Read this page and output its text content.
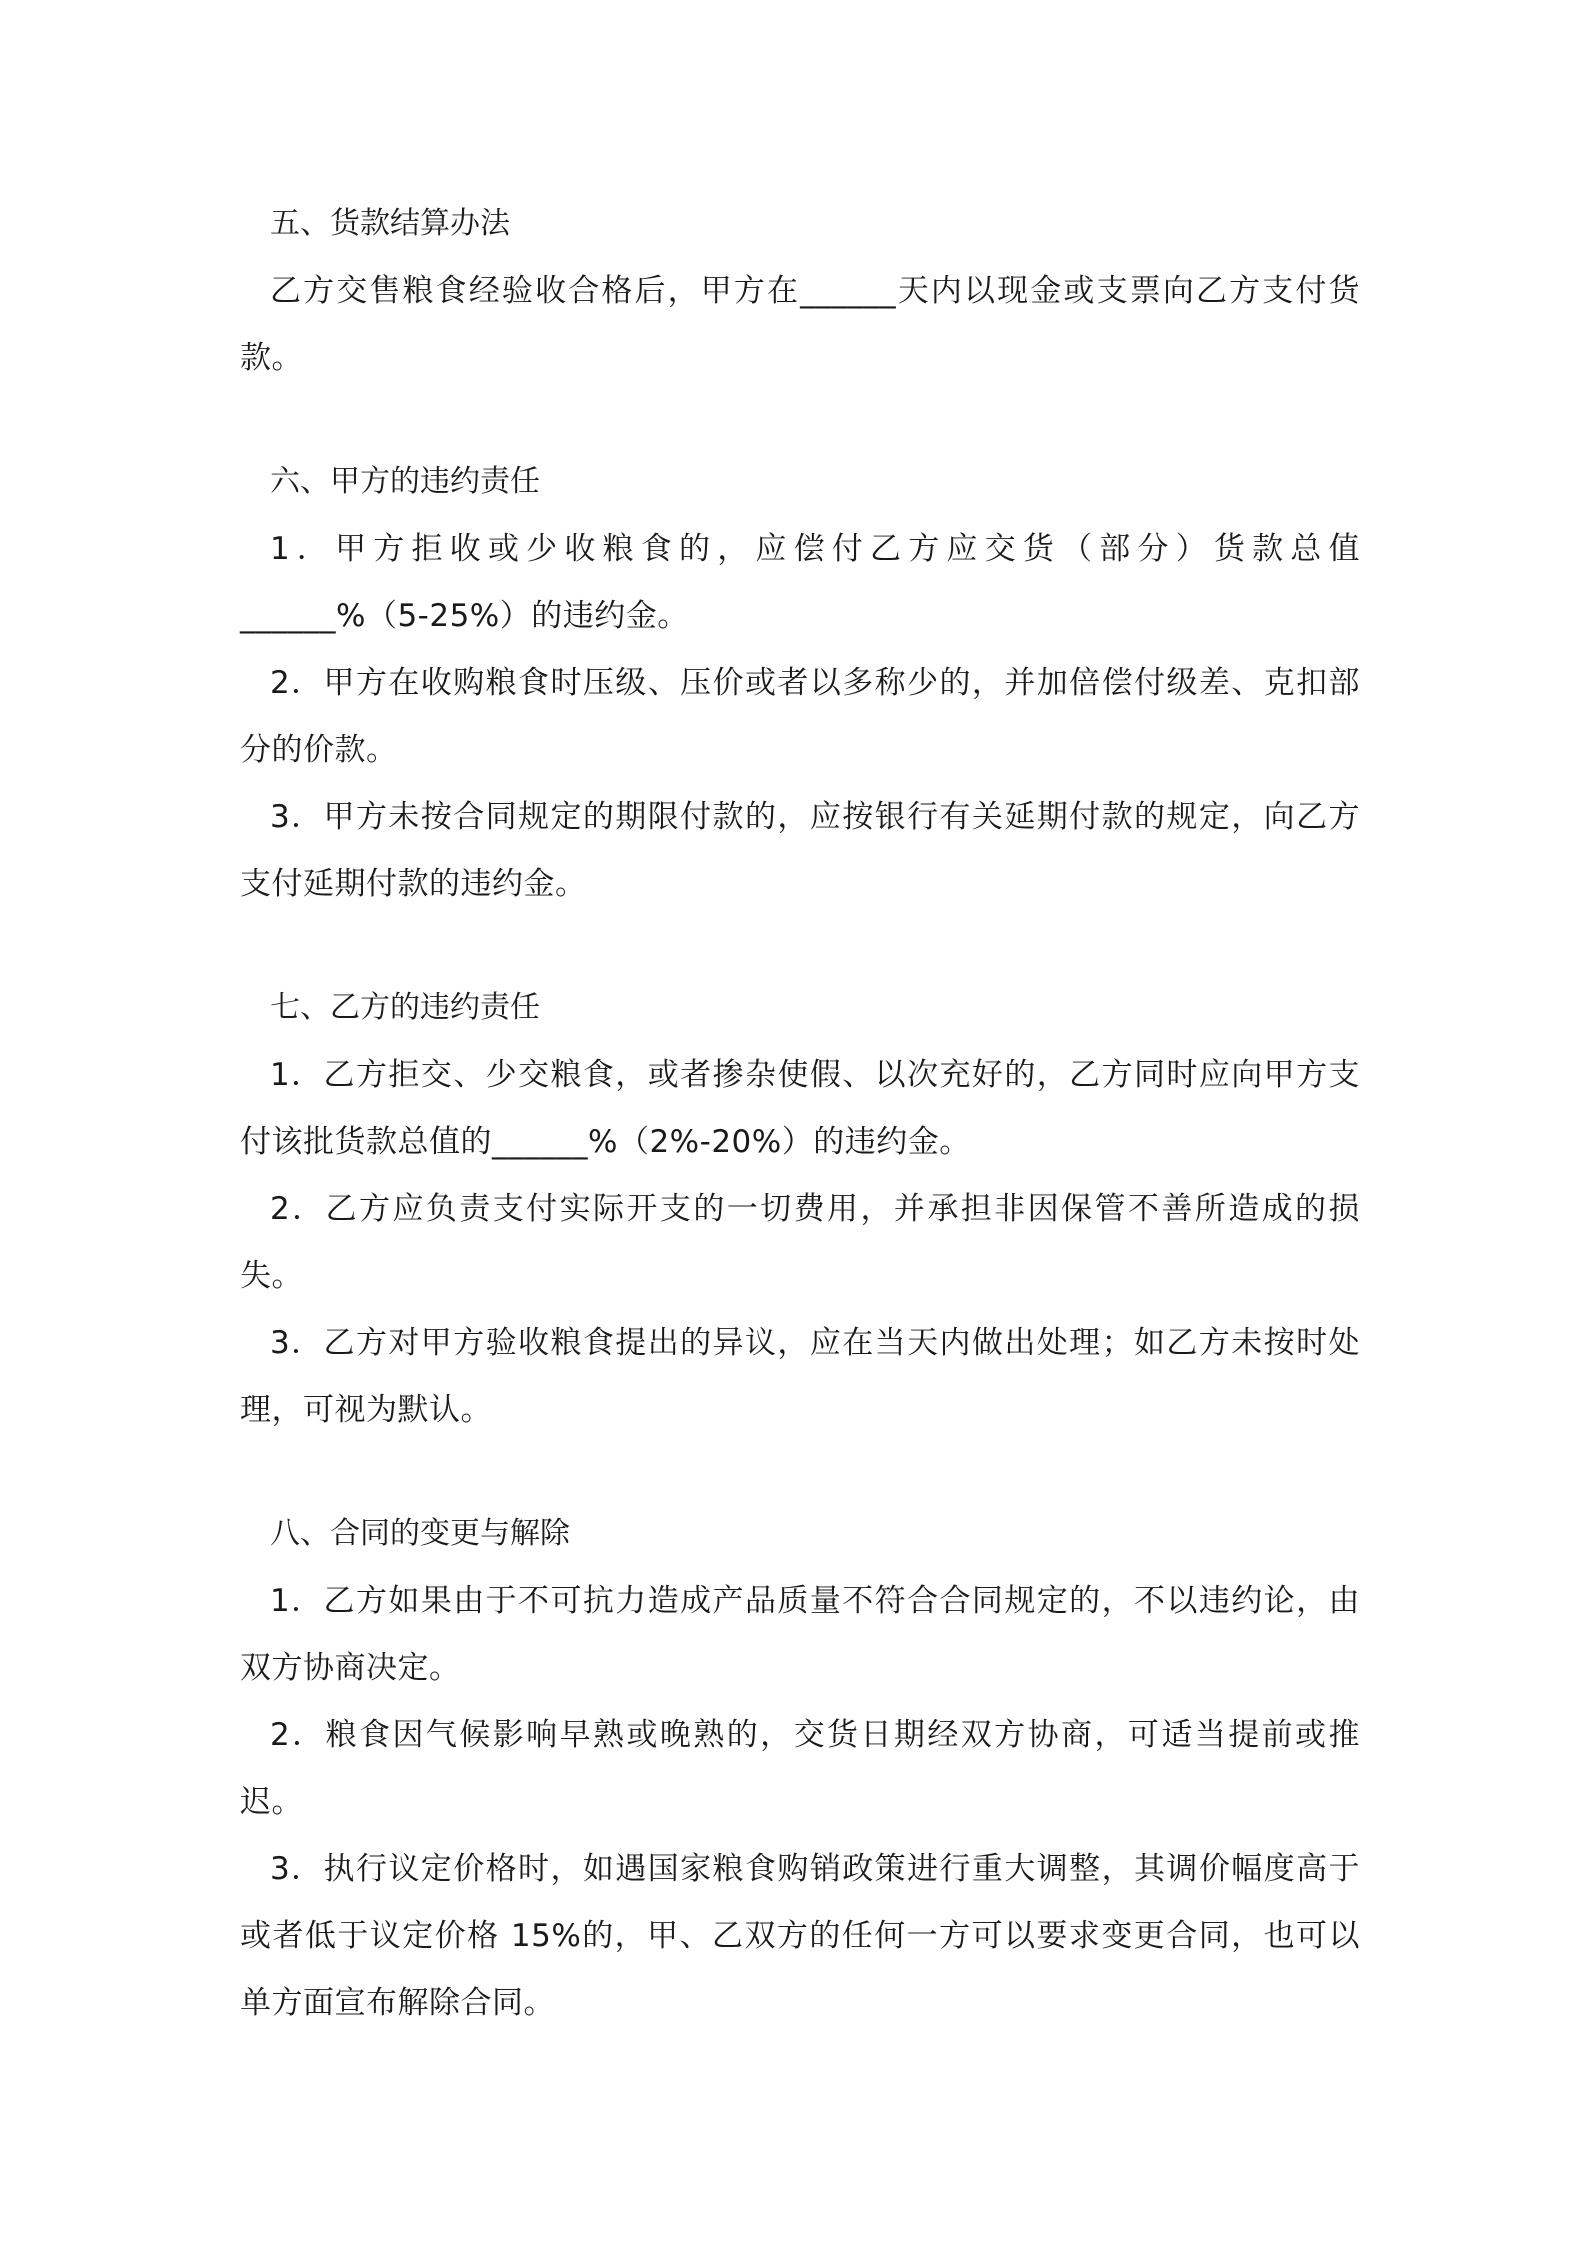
五、货款结算办法

乙方交售粮食经验收合格后，甲方在______天内以现金或支票向乙方支付货款。

六、甲方的违约责任

1．甲方拒收或少收粮食的，应偿付乙方应交货（部分）货款总值______%（5-25%）的违约金。

2．甲方在收购粮食时压级、压价或者以多称少的，并加倍偿付级差、克扣部分的价款。

3．甲方未按合同规定的期限付款的，应按银行有关延期付款的规定，向乙方支付延期付款的违约金。

七、乙方的违约责任

1．乙方拒交、少交粮食，或者掺杂使假、以次充好的，乙方同时应向甲方支付该批货款总值的______%（2%-20%）的违约金。

2．乙方应负责支付实际开支的一切费用，并承担非因保管不善所造成的损失。

3．乙方对甲方验收粮食提出的异议，应在当天内做出处理；如乙方未按时处理，可视为默认。

八、合同的变更与解除

1．乙方如果由于不可抗力造成产品质量不符合合同规定的，不以违约论，由双方协商决定。

2．粮食因气候影响早熟或晚熟的，交货日期经双方协商，可适当提前或推迟。

3．执行议定价格时，如遇国家粮食购销政策进行重大调整，其调价幅度高于或者低于议定价格 15%的，甲、乙双方的任何一方可以要求变更合同，也可以单方面宣布解除合同。
